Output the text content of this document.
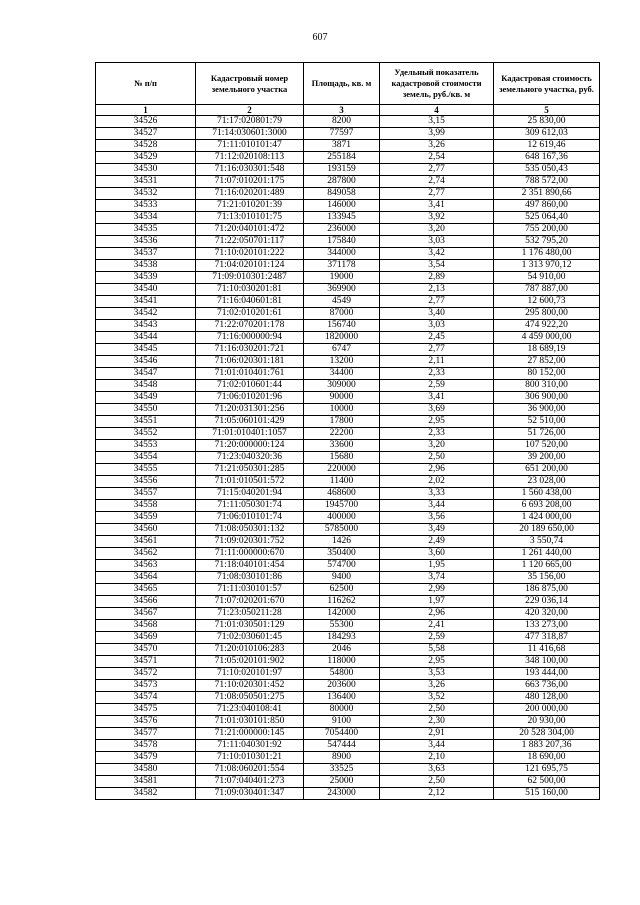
607
№ п/п	Кадастровый номер земельного участка	Площадь, кв. м	Удельный показатель кадастровой стоимости земель, руб./кв. м	Кадастровая стоимость земельного участка, руб.
1	2	3	4	5
34526	71:17:020801:79	8200	3,15	25 830,00
34527	71:14:030601:3000	77597	3,99	309 612,03
34528	71:11:010101:47	3871	3,26	12 619,46
34529	71:12:020108:113	255184	2,54	648 167,36
34530	71:16:030301:548	193159	2,77	535 050,43
34531	71:07:010201:175	287800	2,74	788 572,00
34532	71:16:020201:489	849058	2,77	2 351 890,66
34533	71:21:010201:39	146000	3,41	497 860,00
34534	71:13:010101:75	133945	3,92	525 064,40
34535	71:20:040101:472	236000	3,20	755 200,00
34536	71:22:050701:117	175840	3,03	532 795,20
34537	71:10:020101:222	344000	3,42	1 176 480,00
34538	71:04:020101:124	371178	3,54	1 313 970,12
34539	71:09:010301:2487	19000	2,89	54 910,00
34540	71:10:030201:81	369900	2,13	787 887,00
34541	71:16:040601:81	4549	2,77	12 600,73
34542	71:02:010201:61	87000	3,40	295 800,00
34543	71:22:070201:178	156740	3,03	474 922,20
34544	71:16:000000:94	1820000	2,45	4 459 000,00
34545	71:16:030201:721	6747	2,77	18 689,19
34546	71:06:020301:181	13200	2,11	27 852,00
34547	71:01:010401:761	34400	2,33	80 152,00
34548	71:02:010601:44	309000	2,59	800 310,00
34549	71:06:010201:96	90000	3,41	306 900,00
34550	71:20:031301:256	10000	3,69	36 900,00
34551	71:05:060101:429	17800	2,95	52 510,00
34552	71:01:010401:1057	22200	2,33	51 726,00
34553	71:20:000000:124	33600	3,20	107 520,00
34554	71:23:040320:36	15680	2,50	39 200,00
34555	71:21:050301:285	220000	2,96	651 200,00
34556	71:01:010501:572	11400	2,02	23 028,00
34557	71:15:040201:94	468600	3,33	1 560 438,00
34558	71:11:050301:74	1945700	3,44	6 693 208,00
34559	71:06:010101:74	400000	3,56	1 424 000,00
34560	71:08:050301:132	5785000	3,49	20 189 650,00
34561	71:09:020301:752	1426	2,49	3 550,74
34562	71:11:000000:670	350400	3,60	1 261 440,00
34563	71:18:040101:454	574700	1,95	1 120 665,00
34564	71:08:030101:86	9400	3,74	35 156,00
34565	71:11:030101:57	62500	2,99	186 875,00
34566	71:07:020201:670	116262	1,97	229 036,14
34567	71:23:050211:28	142000	2,96	420 320,00
34568	71:01:030501:129	55300	2,41	133 273,00
34569	71:02:030601:45	184293	2,59	477 318,87
34570	71:20:010106:283	2046	5,58	11 416,68
34571	71:05:020101:902	118000	2,95	348 100,00
34572	71:10:020101:97	54800	3,53	193 444,00
34573	71:10:020301:452	203600	3,26	663 736,00
34574	71:08:050501:275	136400	3,52	480 128,00
34575	71:23:040108:41	80000	2,50	200 000,00
34576	71:01:030101:850	9100	2,30	20 930,00
34577	71:21:000000:145	7054400	2,91	20 528 304,00
34578	71:11:040301:92	547444	3,44	1 883 207,36
34579	71:10:010301:21	8900	2,10	18 690,00
34580	71:08:060201:554	33525	3,63	121 695,75
34581	71:07:040401:273	25000	2,50	62 500,00
34582	71:09:030401:347	243000	2,12	515 160,00
